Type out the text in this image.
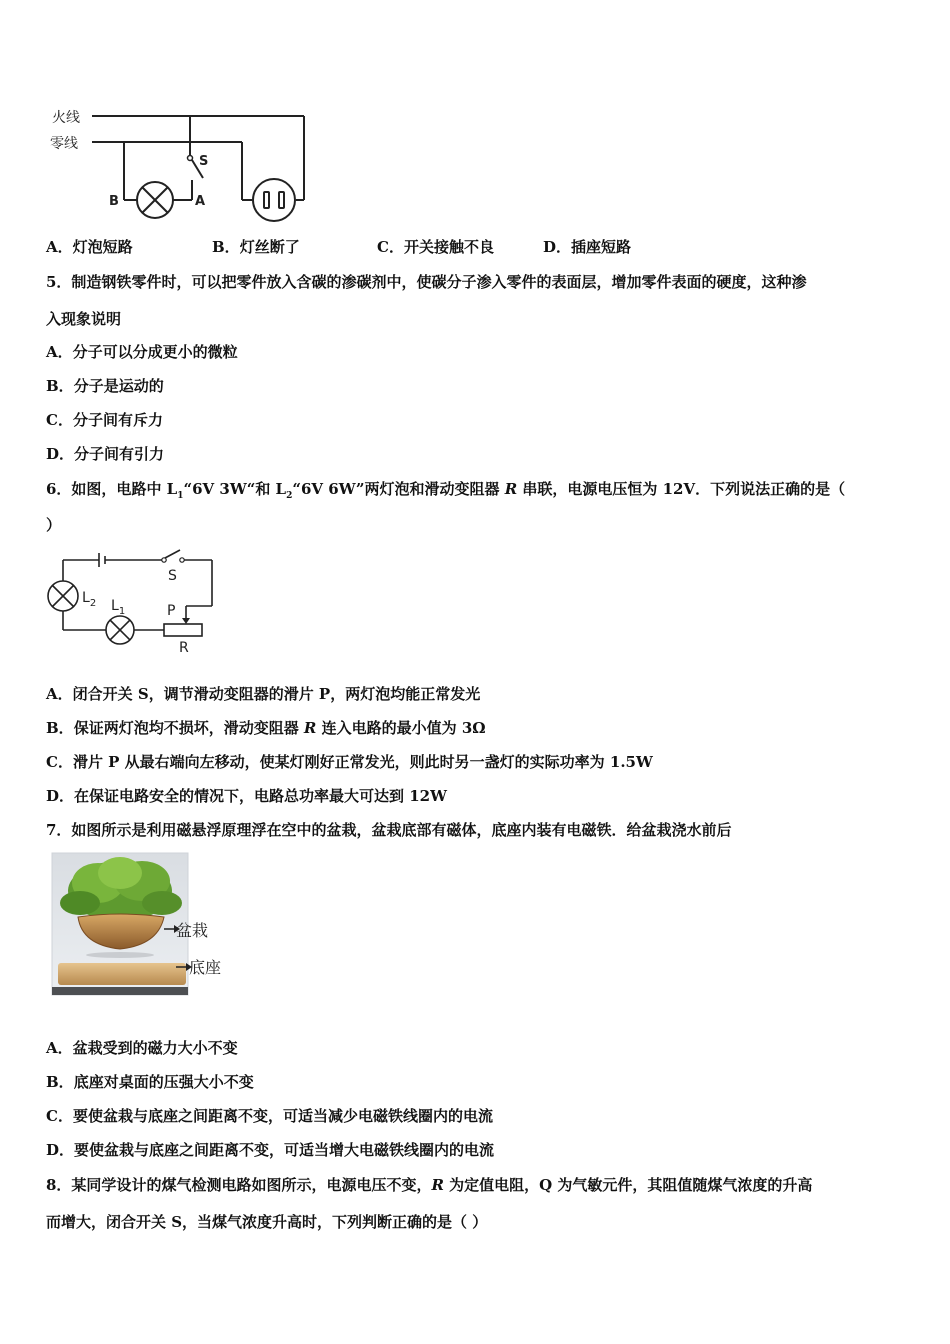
火线
零线
B	A
S
A．灯泡短路	B．灯丝断了	C．开关接触不良	D．插座短路
5．制造钢铁零件时，可以把零件放入含碳的渗碳剂中，使碳分子渗入零件的表面层，增加零件表面的硬度，这种渗
入现象说明
A．分子可以分成更小的微粒
B．分子是运动的
C．分子间有斥力
D．分子间有引力
6．如图，电路中 $L_1“6V$ 3W“和 $L_2“6V$ 6W”两灯泡和滑动变阻器 R 串联，电源电压恒为 12V．下列说法正确的是（
）
S
$L_2$ $L_1$	P
R
A．闭合开关 S，调节滑动变阻器的滑片 P，两灯泡均能正常发光
B．保证两灯泡均不损坏，滑动变阻器 R 连入电路的最小值为 3Ω
C．滑片 P 从最右端向左移动，使某灯刚好正常发光，则此时另一盏灯的实际功率为 1.5W
D．在保证电路安全的情况下，电路总功率最大可达到 12W
7．如图所示是利用磁悬浮原理浮在空中的盆栽，盆栽底部有磁体，底座内装有电磁铁．给盆栽浇水前后
盆栽
底座
A．盆栽受到的磁力大小不变
B．底座对桌面的压强大小不变
C．要使盆栽与底座之间距离不变，可适当减少电磁铁线圈内的电流
D．要使盆栽与底座之间距离不变，可适当增大电磁铁线圈内的电流
8．某同学设计的煤气检测电路如图所示，电源电压不变，R 为定值电阻，Q 为气敏元件，其阻值随煤气浓度的升高
而增大，闭合开关 S，当煤气浓度升高时，下列判断正确的是（ ）
